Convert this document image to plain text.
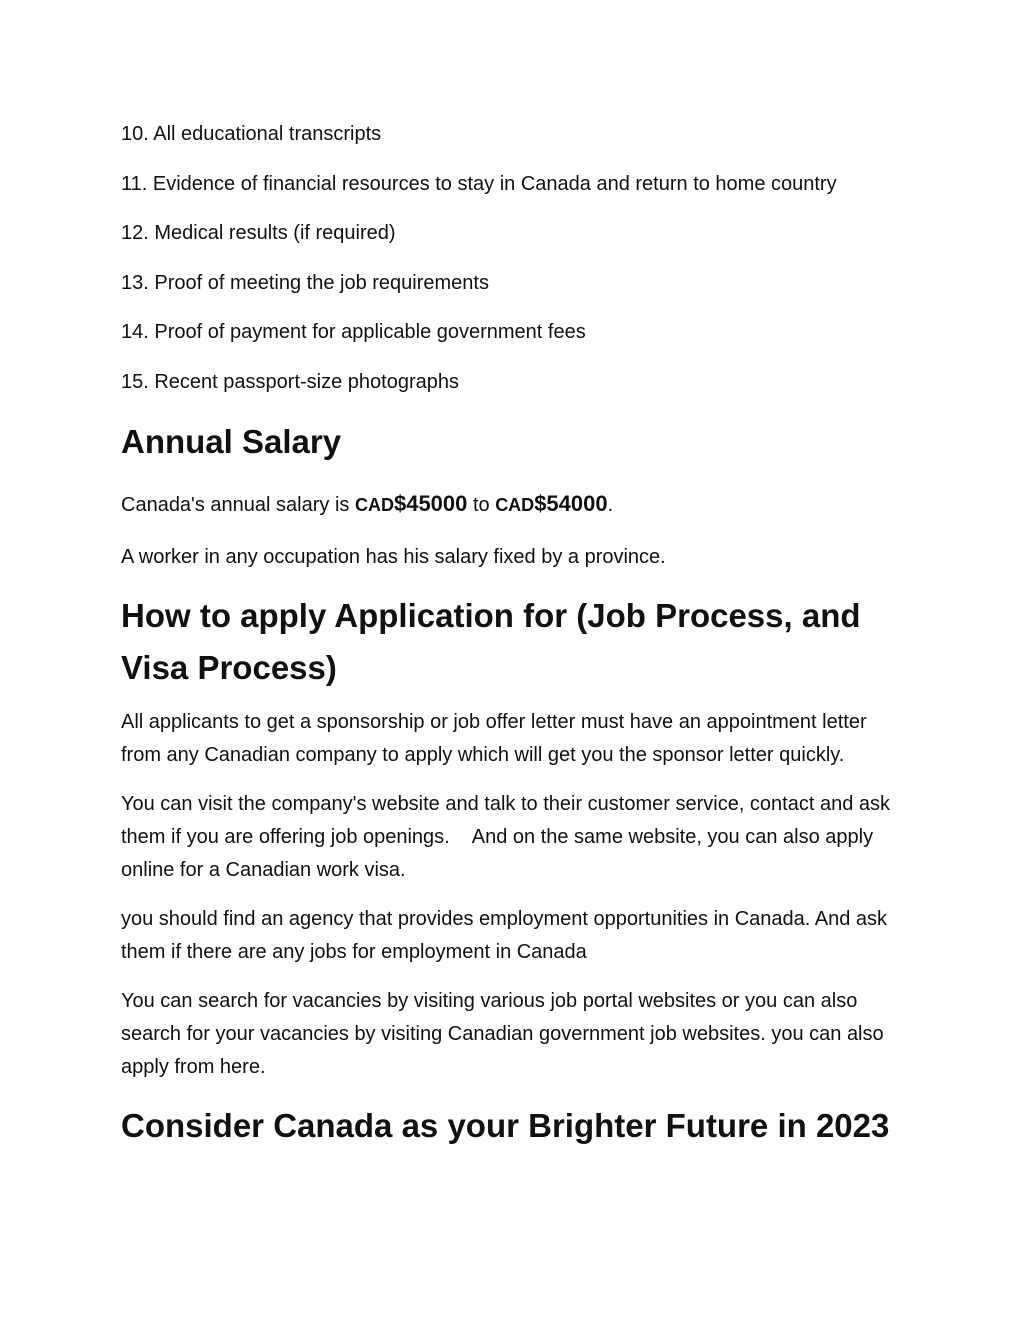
10. All educational transcripts
11. Evidence of financial resources to stay in Canada and return to home country
12. Medical results (if required)
13. Proof of meeting the job requirements
14. Proof of payment for applicable government fees
15. Recent passport-size photographs
Annual Salary

Canada's annual salary is CAD$45000 to CAD$54000.

A worker in any occupation has his salary fixed by a province.

How to apply Application for (Job Process, and Visa Process)

All applicants to get a sponsorship or job offer letter must have an appointment letter from any Canadian company to apply which will get you the sponsor letter quickly.

You can visit the company's website and talk to their customer service, contact and ask them if you are offering job openings. And on the same website, you can also apply online for a Canadian work visa.

you should find an agency that provides employment opportunities in Canada. And ask them if there are any jobs for employment in Canada

You can search for vacancies by visiting various job portal websites or you can also search for your vacancies by visiting Canadian government job websites. you can also apply from here.

Consider Canada as your Brighter Future in 2023
